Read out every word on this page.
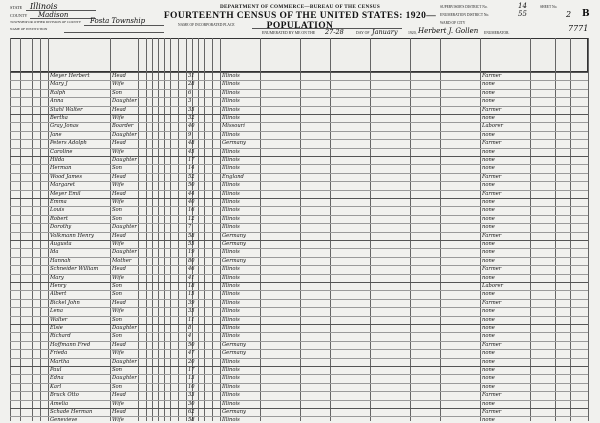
STATE Illinois
COUNTY Madison
TOWNSHIP OR OTHER DIVISION OF COUNTY Fosta Township
NAME OF INSTITUTION
DEPARTMENT OF COMMERCE—BUREAU OF THE CENSUS
FOURTEENTH CENSUS OF THE UNITED STATES: 1920—POPULATION
NAME OF INCORPORATED PLACE
ENUMERATED BY ME ON THE 27-28	DAY OF January	1920, Herbert J. Gollen ENUMERATOR.
WARD OF CITY
SUPERVISOR'S DISTRICT No.	14
ENUMERATION DISTRICT No.	55
SHEET No.
2 B
7771
Meyer Herbert	Head	31	Illinois	Farmer
Mary J	Wife	28	Illinois	none
Ralph	Son	6	Illinois	none
Anna	Daughter	3	Illinois	none
Stahl Walter	Head	35	Illinois	Farmer
Bertha	Wife	32	Illinois	none
Gray Jonas	Boarder	40	Missouri	Laborer
Jane	Daughter	9	Illinois	none
Peters Adolph	Head	48	Germany	Farmer
Caroline	Wife	45	Illinois	none
Hilda	Daughter	17	Illinois	none
Herman	Son	14	Illinois	none
Wood James	Head	52	England	Farmer
Margaret	Wife	50	Illinois	none
Meyer Emil	Head	44	Illinois	Farmer
Emma	Wife	40	Illinois	none
Louis	Son	16	Illinois	none
Robert	Son	12	Illinois	none
Dorothy	Daughter	7	Illinois	none
Volkmann Henry	Head	58	Germany	Farmer
Augusta	Wife	55	Germany	none
Ida	Daughter	19	Illinois	none
Hannah	Mother	80	Germany	none
Schneider William	Head	46	Illinois	Farmer
Mary	Wife	41	Illinois	none
Henry	Son	18	Illinois	Laborer
Albert	Son	15	Illinois	none
Bickel John	Head	39	Illinois	Farmer
Lena	Wife	35	Illinois	none
Walter	Son	11	Illinois	none
Elsie	Daughter	8	Illinois	none
Richard	Son	4	Illinois	none
Hoffmann Fred	Head	50	Germany	Farmer
Frieda	Wife	47	Germany	none
Martha	Daughter	20	Illinois	none
Paul	Son	17	Illinois	none
Edna	Daughter	13	Illinois	none
Karl	Son	10	Illinois	none
Bruck Otto	Head	33	Illinois	Farmer
Amelia	Wife	30	Illinois	none
Schade Herman	Head	62	Germany	Farmer
Genevieve	Wife	58	Illinois	none
